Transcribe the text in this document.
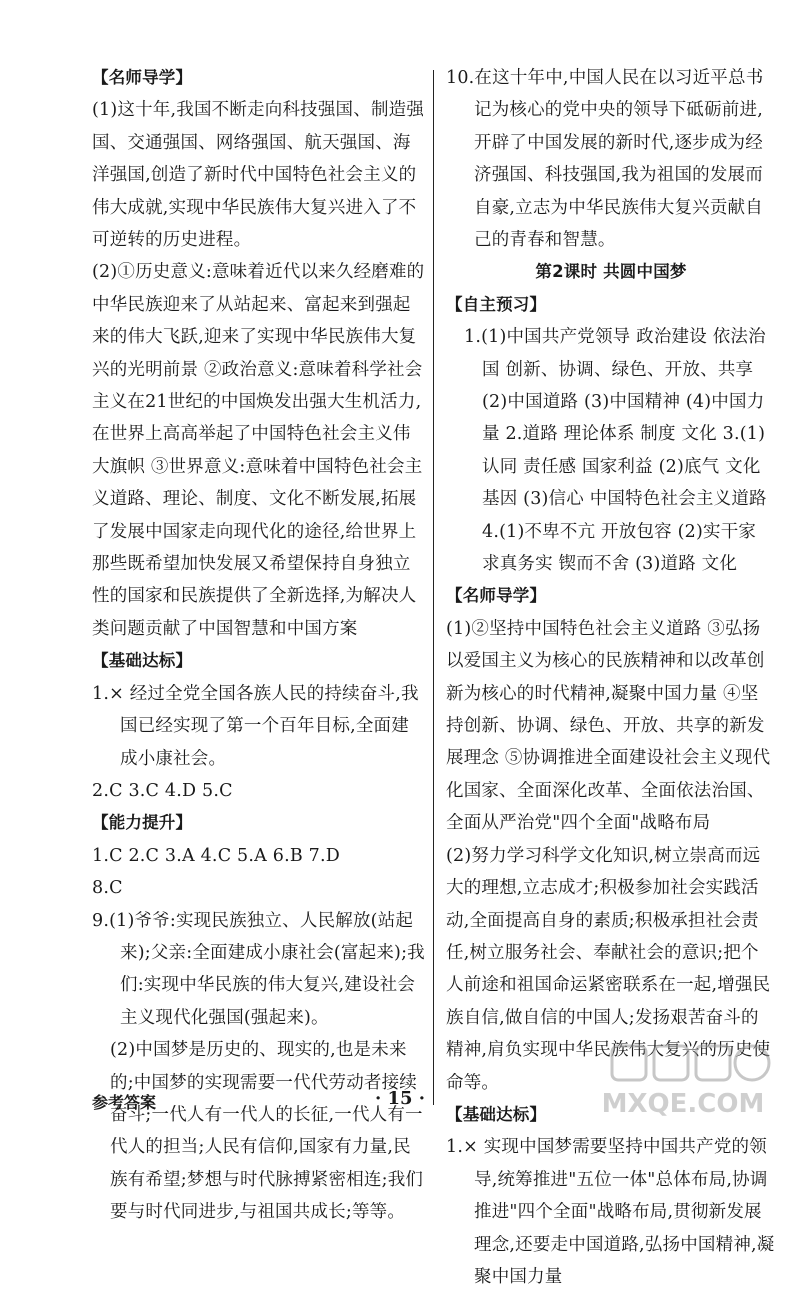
【名师导学】

(1)这十年,我国不断走向科技强国、制造强国、交通强国、网络强国、航天强国、海洋强国,创造了新时代中国特色社会主义的伟大成就,实现中华民族伟大复兴进入了不可逆转的历史进程。

(2)①历史意义:意味着近代以来久经磨难的中华民族迎来了从站起来、富起来到强起来的伟大飞跃,迎来了实现中华民族伟大复兴的光明前景 ②政治意义:意味着科学社会主义在21世纪的中国焕发出强大生机活力,在世界上高高举起了中国特色社会主义伟大旗帜 ③世界意义:意味着中国特色社会主义道路、理论、制度、文化不断发展,拓展了发展中国家走向现代化的途径,给世界上那些既希望加快发展又希望保持自身独立性的国家和民族提供了全新选择,为解决人类问题贡献了中国智慧和中国方案

【基础达标】

1.× 经过全党全国各族人民的持续奋斗,我国已经实现了第一个百年目标,全面建成小康社会。

2.C 3.C 4.D 5.C

【能力提升】

1.C 2.C 3.A 4.C 5.A 6.B 7.D

8.C

9.(1)爷爷:实现民族独立、人民解放(站起来);父亲:全面建成小康社会(富起来);我们:实现中华民族的伟大复兴,建设社会主义现代化强国(强起来)。

(2)中国梦是历史的、现实的,也是未来的;中国梦的实现需要一代代劳动者接续奋斗;一代人有一代人的长征,一代人有一代人的担当;人民有信仰,国家有力量,民族有希望;梦想与时代脉搏紧密相连;我们要与时代同进步,与祖国共成长;等等。

10.在这十年中,中国人民在以习近平总书记为核心的党中央的领导下砥砺前进,开辟了中国发展的新时代,逐步成为经济强国、科技强国,我为祖国的发展而自豪,立志为中华民族伟大复兴贡献自己的青春和智慧。

第2课时 共圆中国梦
【自主预习】

1.(1)中国共产党领导 政治建设 依法治国 创新、协调、绿色、开放、共享 (2)中国道路 (3)中国精神 (4)中国力量 2.道路 理论体系 制度 文化 3.(1)认同 责任感 国家利益 (2)底气 文化基因 (3)信心 中国特色社会主义道路 4.(1)不卑不亢 开放包容 (2)实干家 求真务实 锲而不舍 (3)道路 文化

【名师导学】

(1)②坚持中国特色社会主义道路 ③弘扬以爱国主义为核心的民族精神和以改革创新为核心的时代精神,凝聚中国力量 ④坚持创新、协调、绿色、开放、共享的新发展理念 ⑤协调推进全面建设社会主义现代化国家、全面深化改革、全面依法治国、全面从严治党"四个全面"战略布局

(2)努力学习科学文化知识,树立崇高而远大的理想,立志成才;积极参加社会实践活动,全面提高自身的素质;积极承担社会责任,树立服务社会、奉献社会的意识;把个人前途和祖国命运紧密联系在一起,增强民族自信,做自信的中国人;发扬艰苦奋斗的精神,肩负实现中华民族伟大复兴的历史使命等。

【基础达标】

1.× 实现中国梦需要坚持中国共产党的领导,统筹推进"五位一体"总体布局,协调推进"四个全面"战略布局,贯彻新发展理念,还要走中国道路,弘扬中国精神,凝聚中国力量

参考答案	· 15 ·	MXQE.COM
